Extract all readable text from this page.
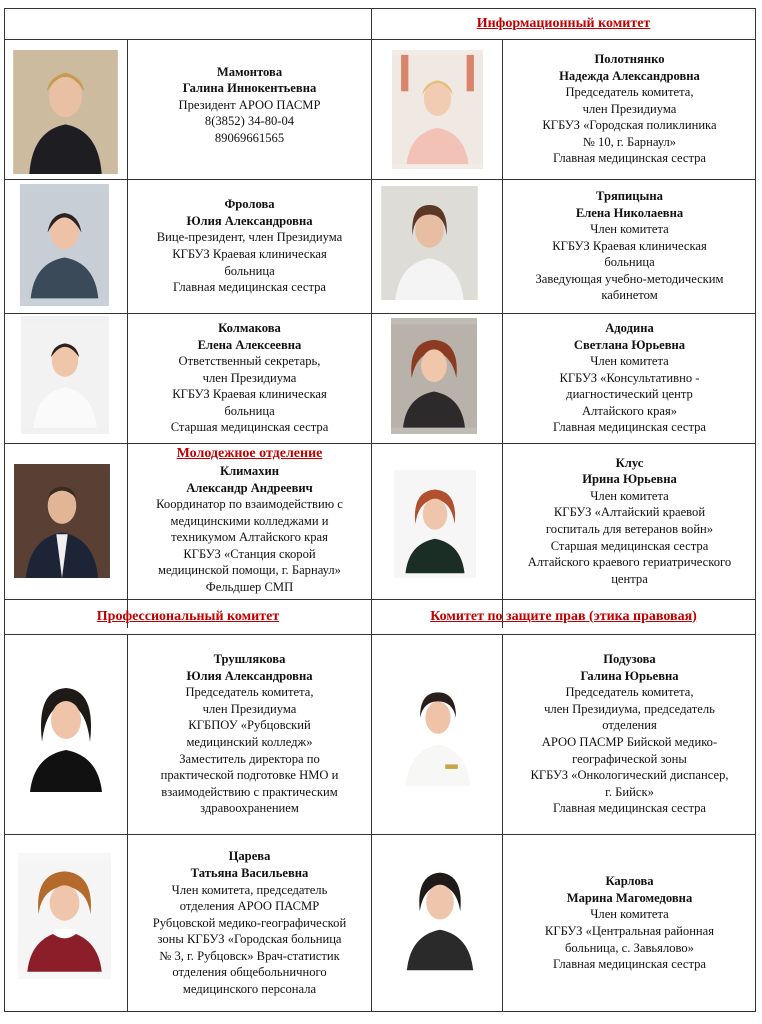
Информационный комитет
Профессиональный комитет	Комитет по защите прав (этика правовая)
Мамонтова
Галина Иннокентьевна
Президент АРОО ПАСМР
8(3852) 34-80-04
89069661565
Полотнянко
Надежда Александровна
Председатель комитета,
член Президиума
КГБУЗ «Городская поликлиника
№ 10, г. Барнаул»
Главная медицинская сестра
Фролова
Юлия Александровна
Вице-президент, член Президиума
КГБУЗ Краевая клиническая
больница
Главная медицинская сестра
Тряпицына
Елена Николаевна
Член комитета
КГБУЗ Краевая клиническая
больница
Заведующая учебно-методическим
кабинетом
Колмакова
Елена Алексеевна
Ответственный секретарь,
член Президиума
КГБУЗ Краевая клиническая
больница
Старшая медицинская сестра
Адодина
Светлана Юрьевна
Член комитета
КГБУЗ «Консультативно -
диагностический центр
Алтайского края»
Главная медицинская сестра
Молодежное отделение
Климахин
Александр Андреевич
Координатор по взаимодействию с
медицинскими колледжами и
техникумом Алтайского края
КГБУЗ «Станция скорой
медицинской помощи, г. Барнаул»
Фельдшер СМП
Клус
Ирина Юрьевна
Член комитета
КГБУЗ «Алтайский краевой
госпиталь для ветеранов войн»
Старшая медицинская сестра
Алтайского краевого гериатрического
центра
Трушлякова
Юлия Александровна
Председатель комитета,
член Президиума
КГБПОУ «Рубцовский
медицинский колледж»
Заместитель директора по
практической подготовке НМО и
взаимодействию с практическим
здравоохранением
Подузова
Галина Юрьевна
Председатель комитета,
член Президиума, председатель
отделения
АРОО ПАСМР Бийской медико-
географической зоны
КГБУЗ «Онкологический диспансер,
г. Бийск»
Главная медицинская сестра
Царева
Татьяна Васильевна
Член комитета, председатель
отделения АРОО ПАСМР
Рубцовской медико-географической
зоны КГБУЗ «Городская больница
№ 3, г. Рубцовск» Врач-статистик
отделения общебольничного
медицинского персонала
Карлова
Марина Магомедовна
Член комитета
КГБУЗ «Центральная районная
больница, с. Завьялово»
Главная медицинская сестра
